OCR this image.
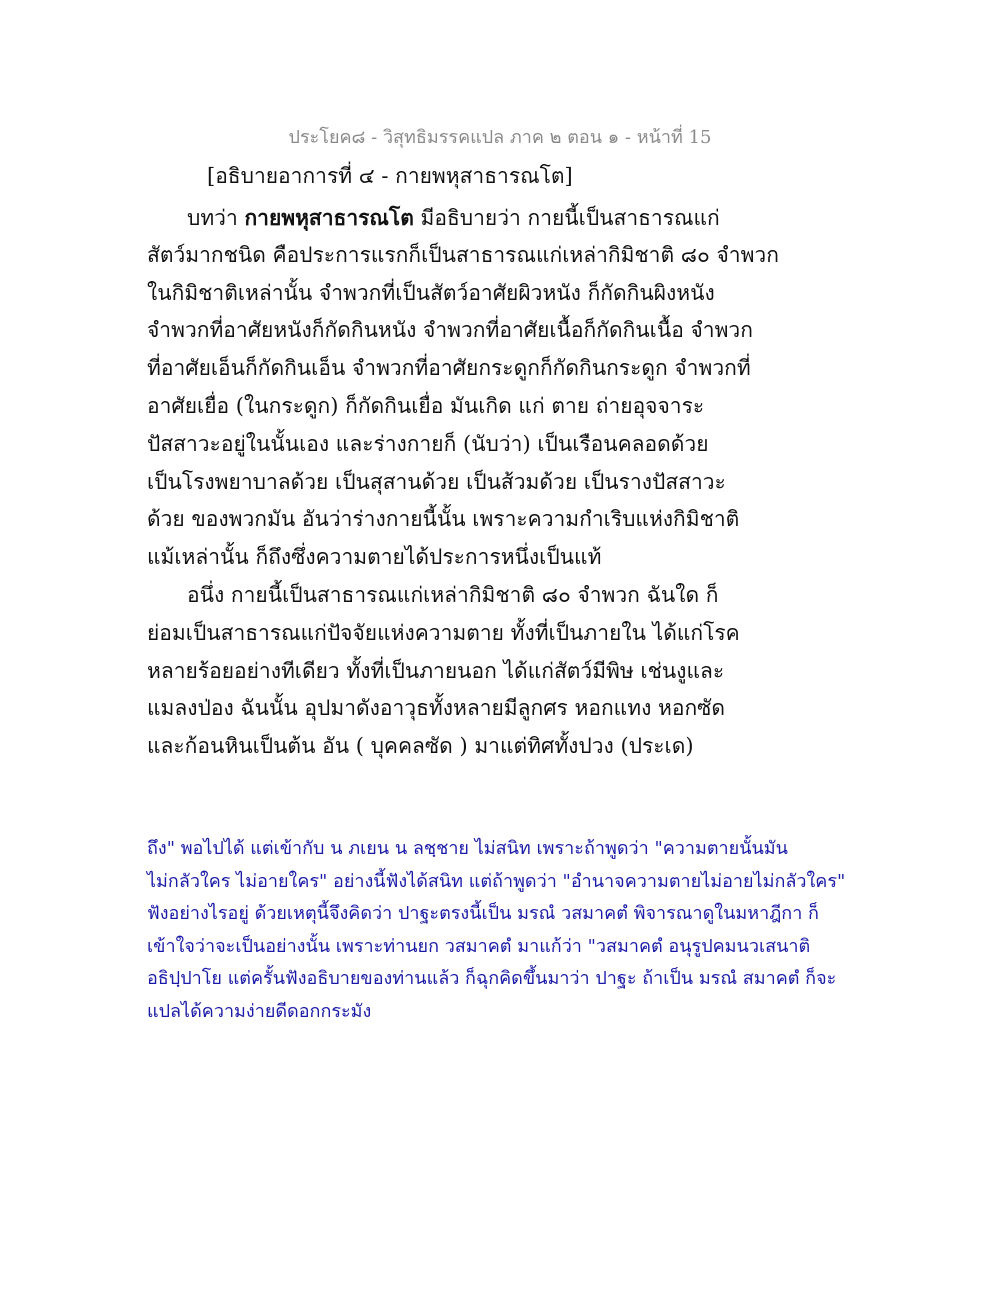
ประโยค๘ - วิสุทธิมรรคแปล ภาค ๒ ตอน ๑ - หน้าที่ 15
[อธิบายอาการที่ ๔ - กายพหุสาธารณโต]
บทว่า กายพหุสาธารณโต มีอธิบายว่า กายนี้เป็นสาธารณแก่
สัตว์มากชนิด คือประการแรกก็เป็นสาธารณแก่เหล่ากิมิชาติ ๘๐ จำพวก
ในกิมิชาติเหล่านั้น จำพวกที่เป็นสัตว์อาศัยผิวหนัง ก็กัดกินผิงหนัง
จำพวกที่อาศัยหนังก็กัดกินหนัง จำพวกที่อาศัยเนื้อก็กัดกินเนื้อ จำพวก
ที่อาศัยเอ็นก็กัดกินเอ็น จำพวกที่อาศัยกระดูกก็กัดกินกระดูก จำพวกที่
อาศัยเยื่อ (ในกระดูก) ก็กัดกินเยื่อ มันเกิด แก่ ตาย ถ่ายอุจจาระ
ปัสสาวะอยู่ในนั้นเอง และร่างกายก็ (นับว่า) เป็นเรือนคลอดด้วย
เป็นโรงพยาบาลด้วย เป็นสุสานด้วย เป็นส้วมด้วย เป็นรางปัสสาวะ
ด้วย ของพวกมัน อันว่าร่างกายนี้นั้น เพราะความกำเริบแห่งกิมิชาติ
แม้เหล่านั้น ก็ถึงซึ่งความตายได้ประการหนึ่งเป็นแท้
อนึ่ง กายนี้เป็นสาธารณแก่เหล่ากิมิชาติ ๘๐ จำพวก ฉันใด ก็
ย่อมเป็นสาธารณแก่ปัจจัยแห่งความตาย ทั้งที่เป็นภายใน ได้แก่โรค
หลายร้อยอย่างทีเดียว ทั้งที่เป็นภายนอก ได้แก่สัตว์มีพิษ เช่นงูและ
แมลงป่อง ฉันนั้น อุปมาดังอาวุธทั้งหลายมีลูกศร หอกแทง หอกซัด
และก้อนหินเป็นต้น อัน ( บุคคลซัด ) มาแต่ทิศทั้งปวง (ประเด)
ถึง" พอไปได้ แต่เข้ากับ น ภเยน น ลชฺชาย ไม่สนิท เพราะถ้าพูดว่า "ความตายนั้นมัน
ไม่กลัวใคร ไม่อายใคร" อย่างนี้ฟังได้สนิท แต่ถ้าพูดว่า "อำนาจความตายไม่อายไม่กลัวใคร"
ฟังอย่างไรอยู่ ด้วยเหตุนี้จึงคิดว่า ปาฐะตรงนี้เป็น มรณํ วสมาคตํ พิจารณาดูในมหาฎีกา ก็
เข้าใจว่าจะเป็นอย่างนั้น เพราะท่านยก วสมาคตํ มาแก้ว่า "วสมาคตํ อนุรูปคมนวเสนาติ
อธิปฺปาโย แต่ครั้นฟังอธิบายของท่านแล้ว ก็ฉุกคิดขึ้นมาว่า ปาฐะ ถ้าเป็น มรณํ สมาคตํ ก็จะ
แปลได้ความง่ายดีดอกกระมัง
